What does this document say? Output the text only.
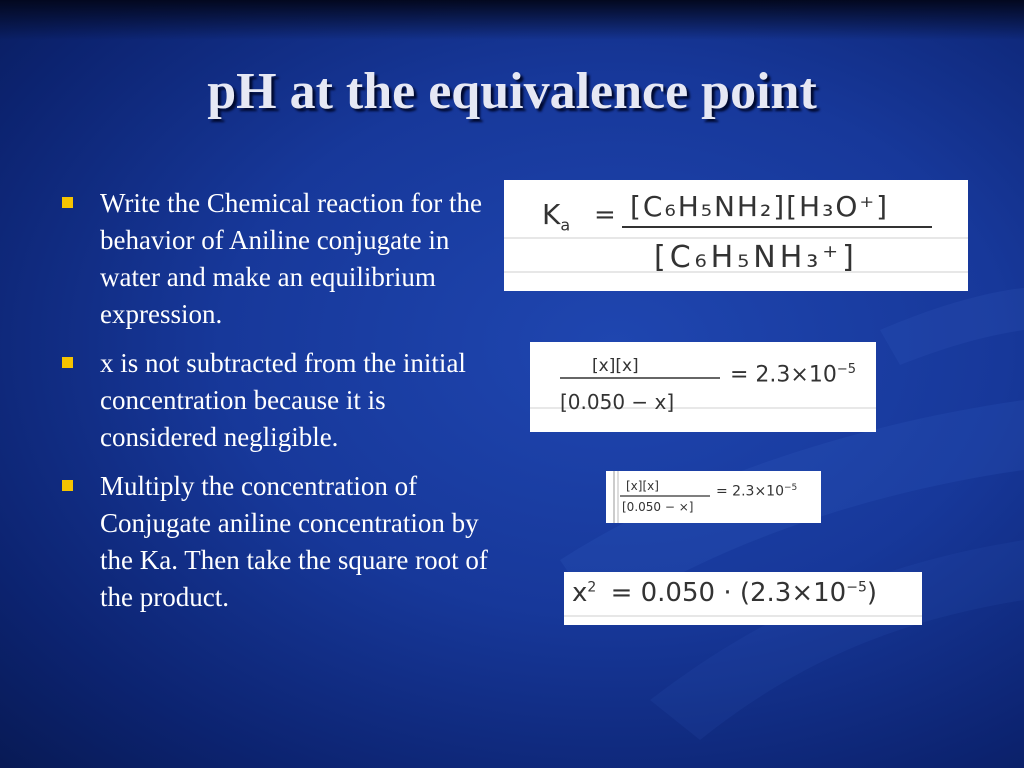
pH at the equivalence point
Write the Chemical reaction for the behavior of Aniline conjugate in water and make an equilibrium expression.
x is not subtracted from the initial concentration because it is considered negligible.
Multiply the concentration of Conjugate aniline concentration by the Ka. Then take the square root of the product.
$K_a = [C_6H_5NH_2][H_3O^+]$
[C₆H₅NH₃⁺]
[x][x]
[0.050 − x]
= $2.3\times 10^{-5}$
[x][x]
[0.050 − ⨯]
= $2.3\times 10^{-5}$
$x^2 = 0.050 \cdot (2.3\times 10^{-5})$
